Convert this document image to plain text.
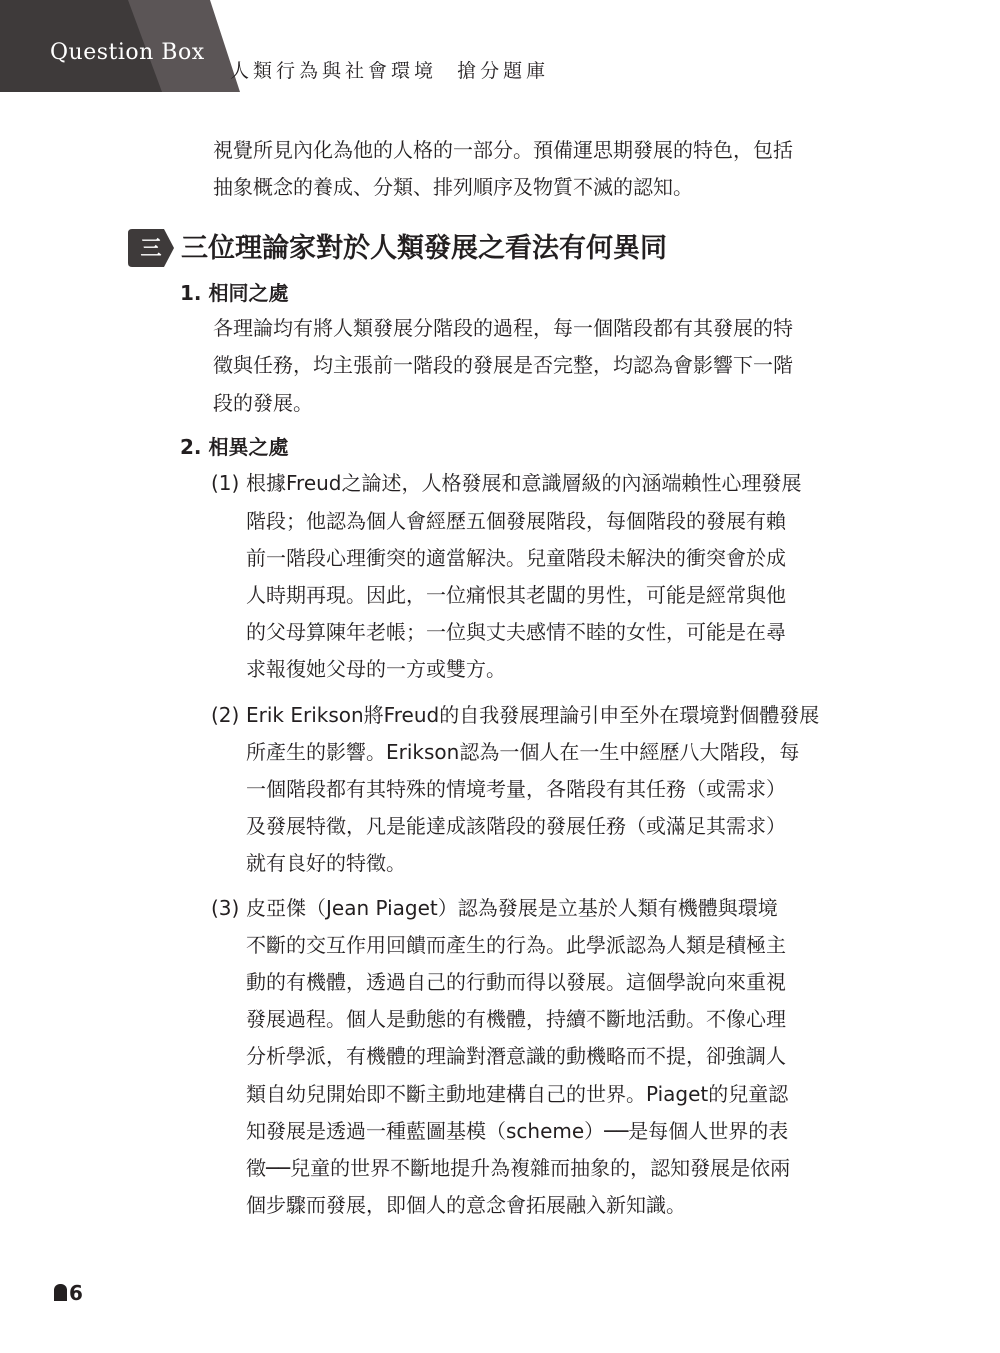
Question Box
人類行為與社會環境  搶分題庫
視覺所見內化為他的人格的一部分。預備運思期發展的特色，包括
抽象概念的養成、分類、排列順序及物質不滅的認知。
三 三位理論家對於人類發展之看法有何異同
1. 相同之處
各理論均有將人類發展分階段的過程，每一個階段都有其發展的特
徵與任務，均主張前一階段的發展是否完整，均認為會影響下一階
段的發展。
2. 相異之處
(1) 根據Freud之論述，人格發展和意識層級的內涵端賴性心理發展
階段；他認為個人會經歷五個發展階段，每個階段的發展有賴
前一階段心理衝突的適當解決。兒童階段未解決的衝突會於成
人時期再現。因此，一位痛恨其老闆的男性，可能是經常與他
的父母算陳年老帳；一位與丈夫感情不睦的女性，可能是在尋
求報復她父母的一方或雙方。
(2) Erik Erikson將Freud的自我發展理論引申至外在環境對個體發展
所產生的影響。Erikson認為一個人在一生中經歷八大階段，每
一個階段都有其特殊的情境考量，各階段有其任務（或需求）
及發展特徵，凡是能達成該階段的發展任務（或滿足其需求）
就有良好的特徵。
(3) 皮亞傑（Jean Piaget）認為發展是立基於人類有機體與環境
不斷的交互作用回饋而產生的行為。此學派認為人類是積極主
動的有機體，透過自己的行動而得以發展。這個學說向來重視
發展過程。個人是動態的有機體，持續不斷地活動。不像心理
分析學派，有機體的理論對潛意識的動機略而不提，卻強調人
類自幼兒開始即不斷主動地建構自己的世界。Piaget的兒童認
知發展是透過一種藍圖基模（scheme）──是每個人世界的表
徵──兒童的世界不斷地提升為複雜而抽象的，認知發展是依兩
個步驟而發展，即個人的意念會拓展融入新知識。
6
